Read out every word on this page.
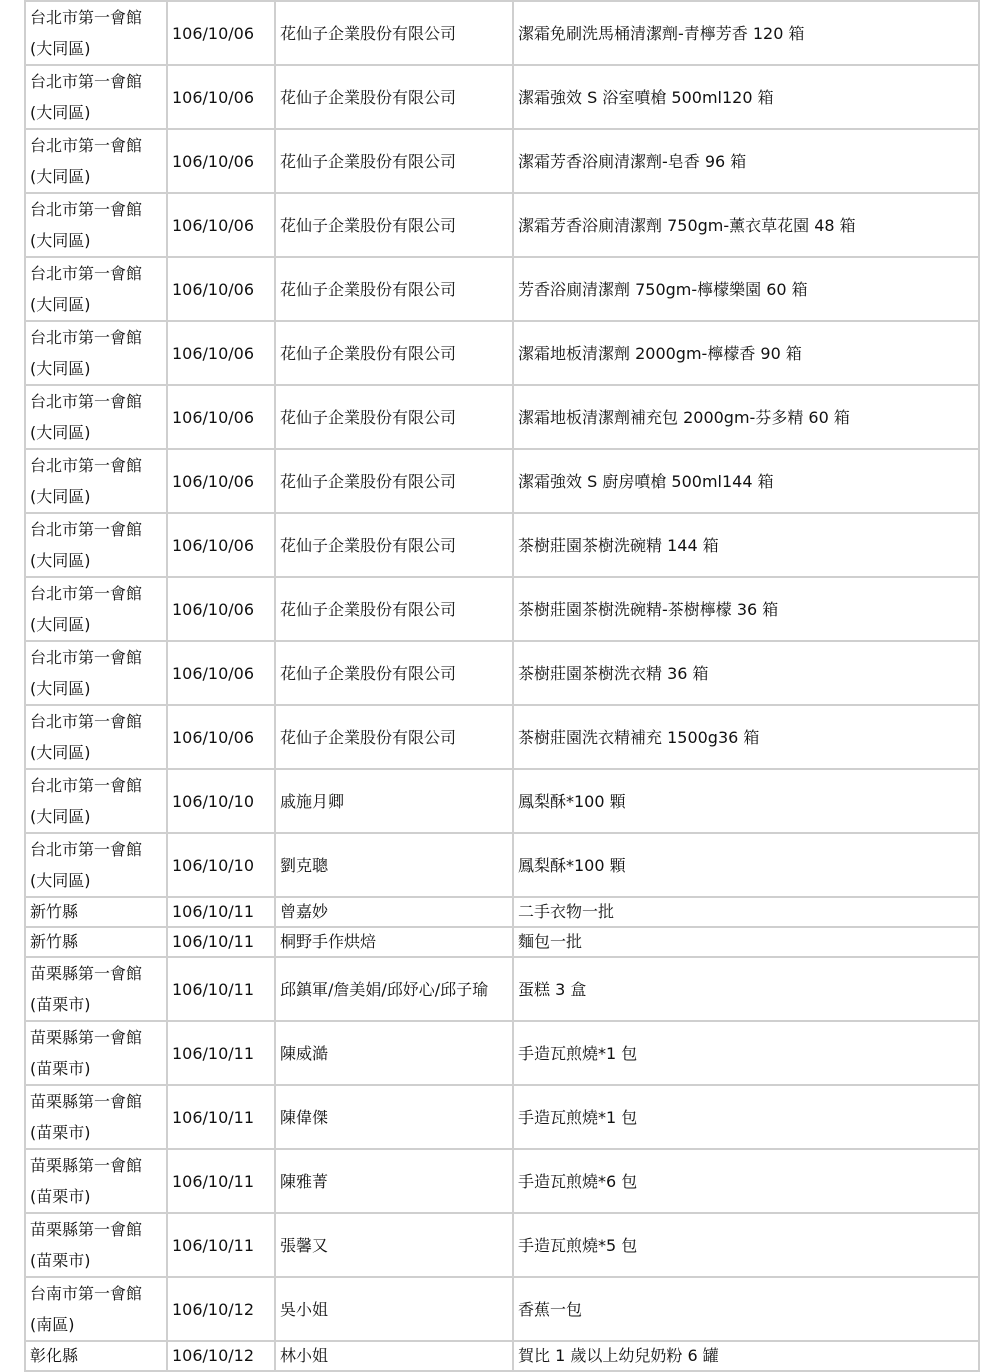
台北市第一會館
(大同區)	106/10/06	花仙子企業股份有限公司	潔霜免刷洗馬桶清潔劑-青檸芳香 120 箱

台北市第一會館
(大同區)	106/10/06	花仙子企業股份有限公司	潔霜強效 S 浴室噴槍 500ml120 箱

台北市第一會館
(大同區)	106/10/06	花仙子企業股份有限公司	潔霜芳香浴廁清潔劑-皂香 96 箱

台北市第一會館
(大同區)	106/10/06	花仙子企業股份有限公司	潔霜芳香浴廁清潔劑 750gm-薰衣草花園 48 箱

台北市第一會館
(大同區)	106/10/06	花仙子企業股份有限公司	芳香浴廁清潔劑 750gm-檸檬樂園 60 箱

台北市第一會館
(大同區)	106/10/06	花仙子企業股份有限公司	潔霜地板清潔劑 2000gm-檸檬香 90 箱

台北市第一會館
(大同區)	106/10/06	花仙子企業股份有限公司	潔霜地板清潔劑補充包 2000gm-芬多精 60 箱

台北市第一會館
(大同區)	106/10/06	花仙子企業股份有限公司	潔霜強效 S 廚房噴槍 500ml144 箱

台北市第一會館
(大同區)	106/10/06	花仙子企業股份有限公司	茶樹莊園茶樹洗碗精 144 箱

台北市第一會館
(大同區)	106/10/06	花仙子企業股份有限公司	茶樹莊園茶樹洗碗精-茶樹檸檬 36 箱

台北市第一會館
(大同區)	106/10/06	花仙子企業股份有限公司	茶樹莊園茶樹洗衣精 36 箱

台北市第一會館
(大同區)	106/10/06	花仙子企業股份有限公司	茶樹莊園洗衣精補充 1500g36 箱

台北市第一會館
(大同區)	106/10/10	戚施月卿	鳳梨酥*100 顆

台北市第一會館
(大同區)	106/10/10	劉克聰	鳳梨酥*100 顆

新竹縣	106/10/11	曾嘉妙	二手衣物一批

新竹縣	106/10/11	桐野手作烘焙	麵包一批

苗栗縣第一會館
(苗栗市)	106/10/11	邱鎮軍/詹美娟/邱妤心/邱子瑜	蛋糕 3 盒

苗栗縣第一會館
(苗栗市)	106/10/11	陳威澔	手造瓦煎燒*1 包

苗栗縣第一會館
(苗栗市)	106/10/11	陳偉傑	手造瓦煎燒*1 包

苗栗縣第一會館
(苗栗市)	106/10/11	陳雅菁	手造瓦煎燒*6 包

苗栗縣第一會館
(苗栗市)	106/10/11	張馨又	手造瓦煎燒*5 包

台南市第一會館
(南區)	106/10/12	吳小姐	香蕉一包

彰化縣	106/10/12	林小姐	賀比 1 歲以上幼兒奶粉 6 罐
